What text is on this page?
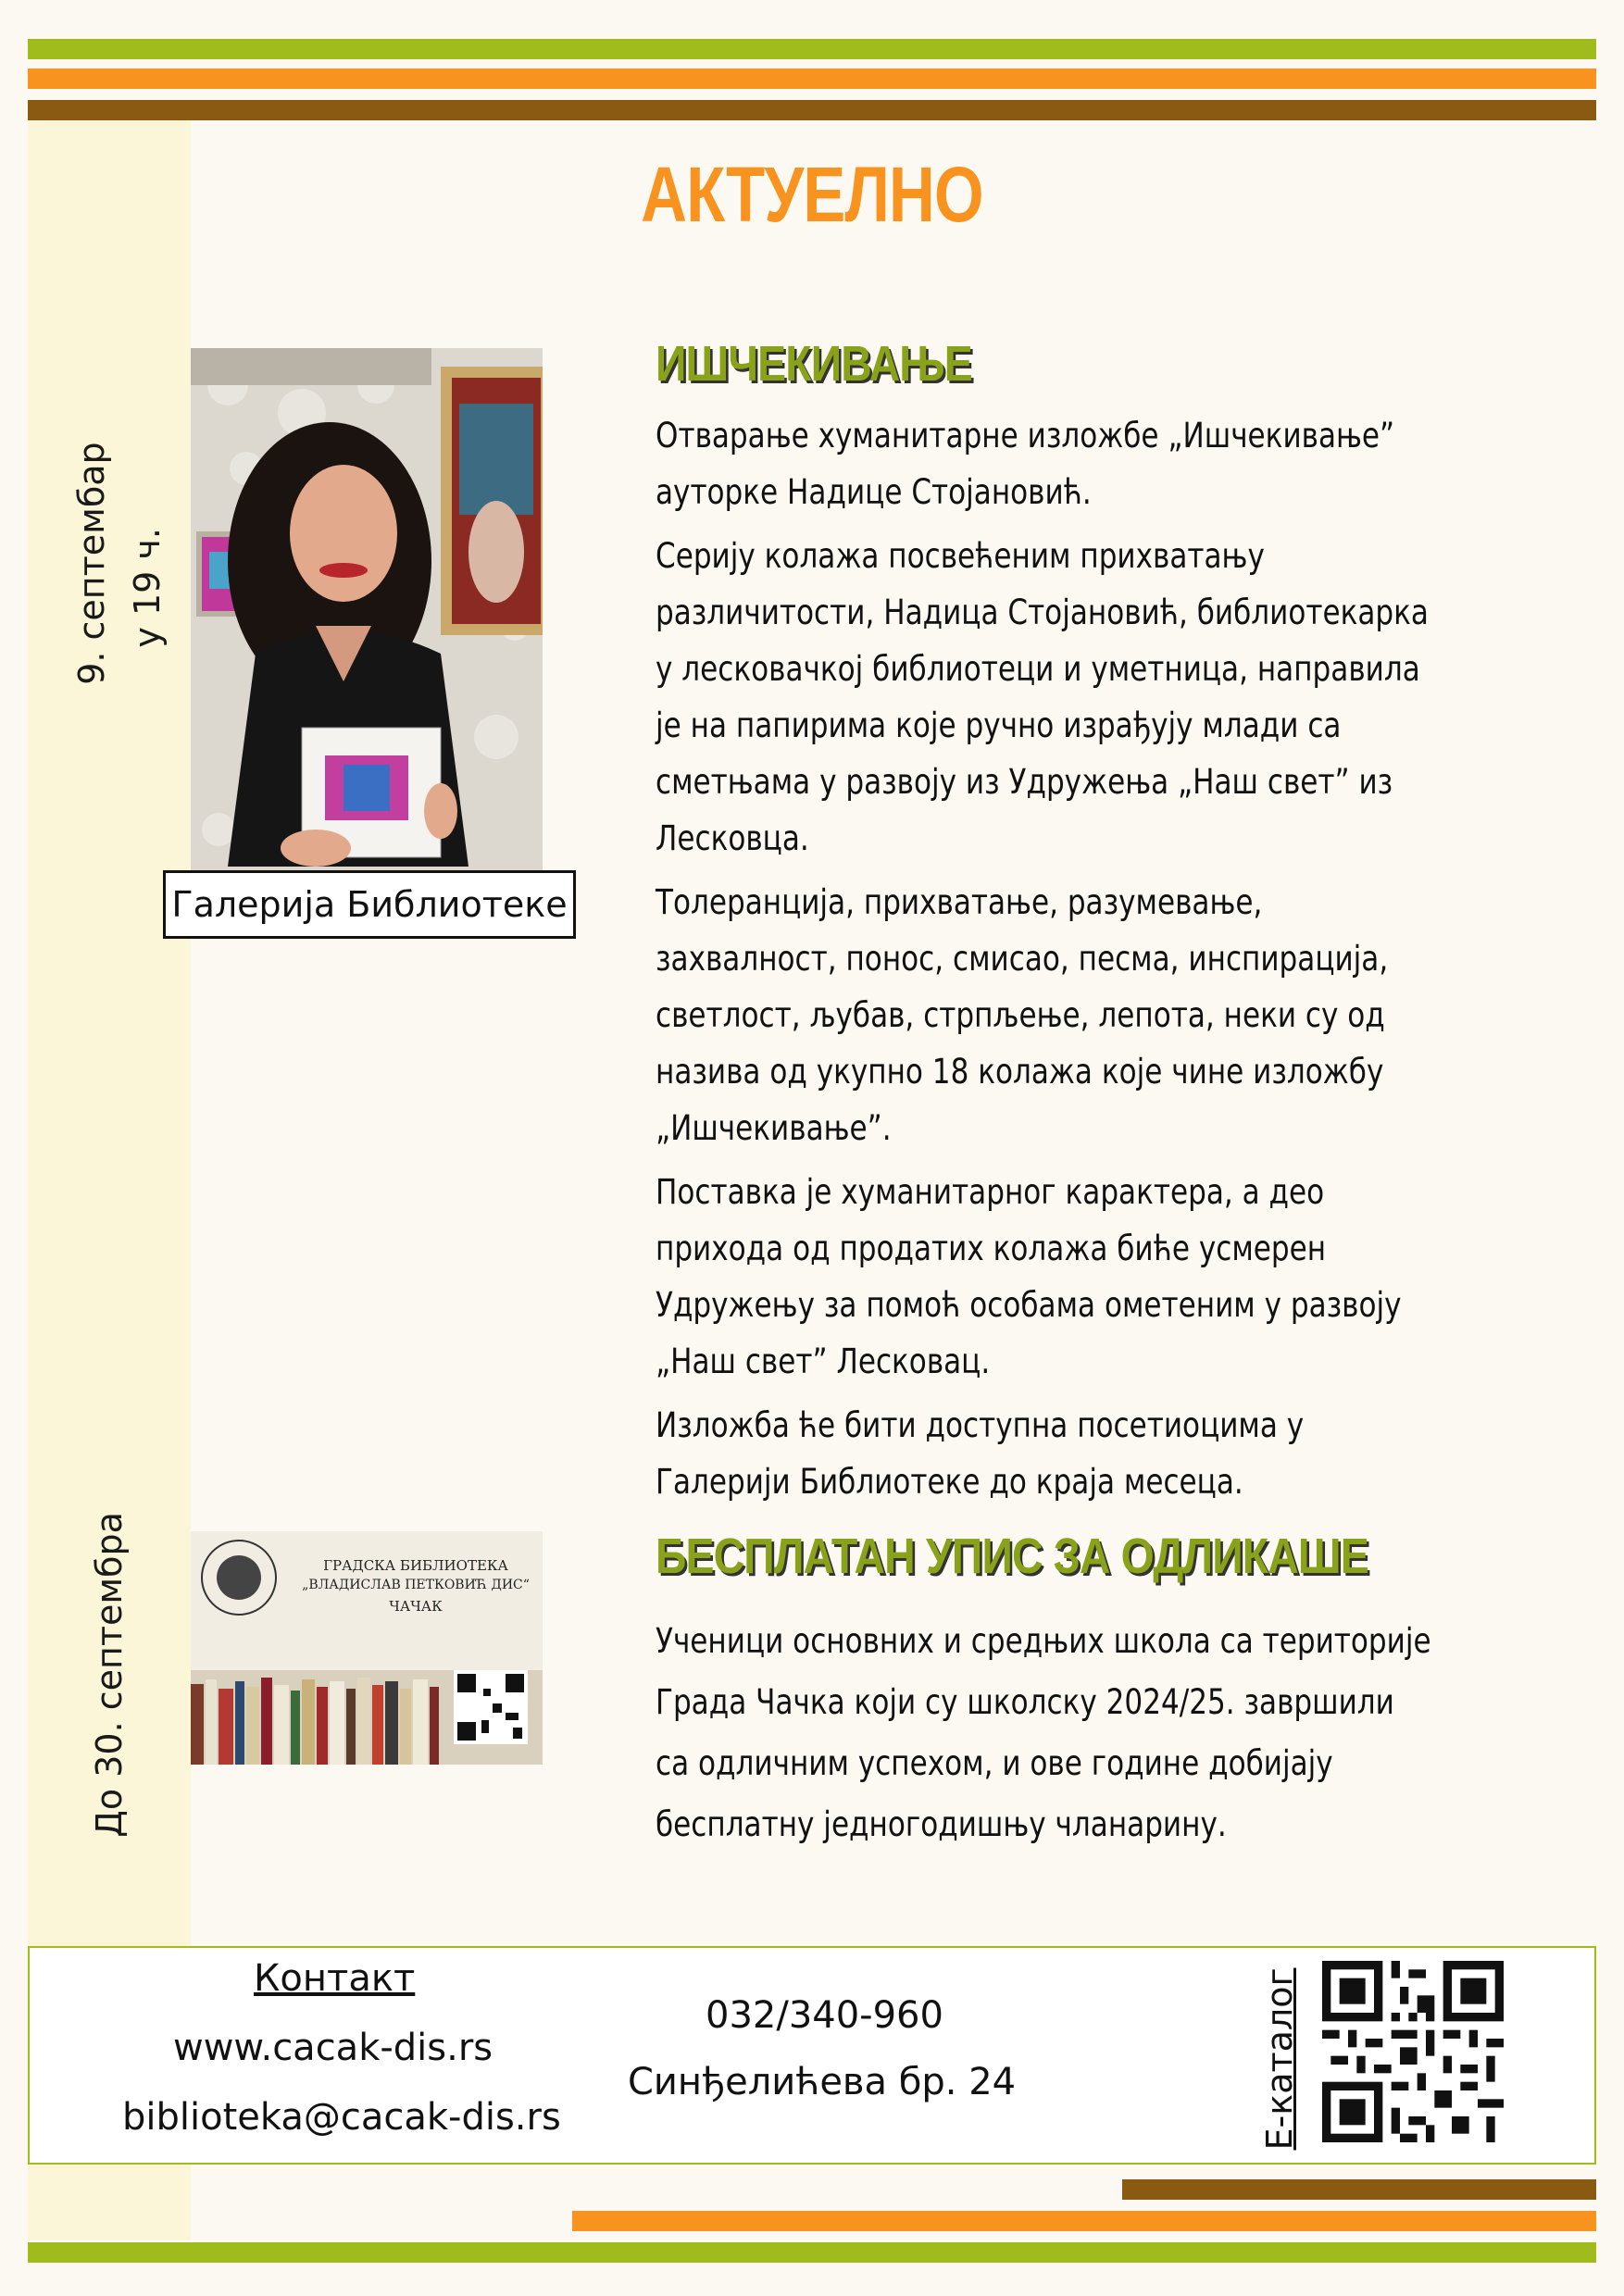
АКТУЕЛНО
9. септембар у 19 ч.
Галерија Библиотеке
ИШЧЕКИВАЊЕ

Отварање хуманитарне изложбе „Ишчекивање” ауторке Надице Стојановић.

Серију колажа посвећеним прихватању различитости, Надица Стојановић, библиотекарка у лесковачкој библиотеци и уметница, направила је на папирима које ручно израђују млади са сметњама у развоју из Удружења „Наш свет” из Лесковца.

Толеранција, прихватање, разумевање, захвалност, понос, смисао, песма, инспирација, светлост, љубав, стрпљење, лепота, неки су од назива од укупно 18 колажа које чине изложбу „Ишчекивање”.

Поставка је хуманитарног карактера, а део прихода од продатих колажа биће усмерен Удружењу за помоћ особама ометеним у развоју „Наш свет” Лесковац.

Изложба ће бити доступна посетиоцима у Галерији Библиотеке до краја месеца.

До 30. септембра	ГРАДСКА БИБЛИОТЕКА
„ВЛАДИСЛАВ ПЕТКОВИЋ ДИС“
ЧАЧАК
БЕСПЛАТАН УПИС ЗА ОДЛИКАШЕ

Ученици основних и средњих школа са територије Града Чачка који су школску 2024/25. завршили са одличним успехом, и ове године добијају бесплатну једногодишњу чланарину.

Контакт
www.cacak-dis.rs
biblioteka@cacak-dis.rs
032/340-960
Синђелићева бр. 24	Е-каталог
